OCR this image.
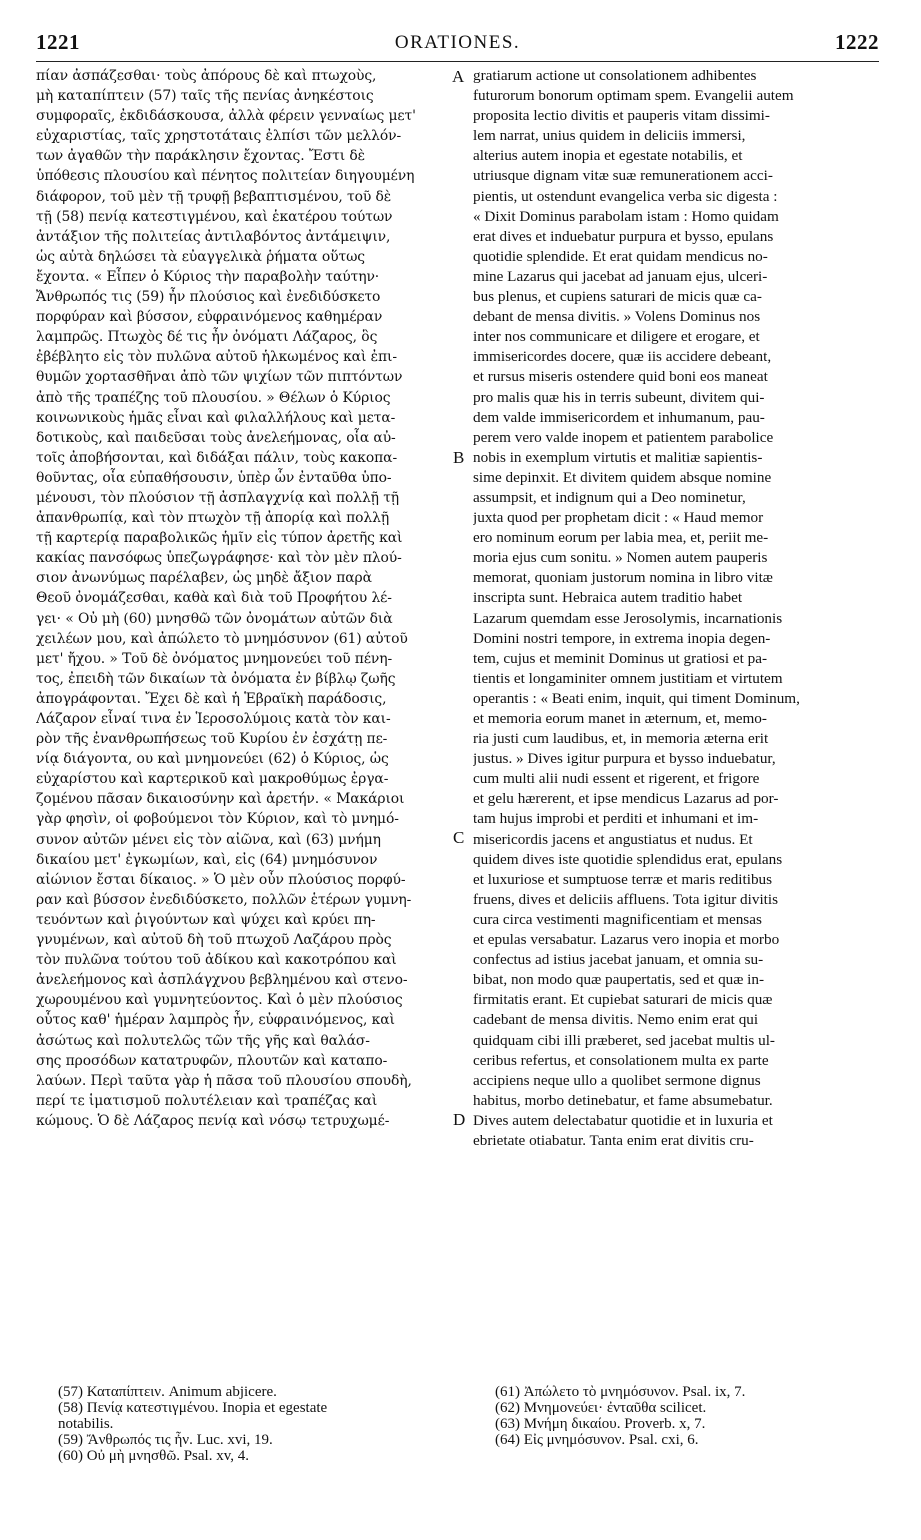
1221	ORATIONES.	1222
πίαν ἀσπάζεσθαι· τοὺς ἀπόρους δὲ καὶ πτωχοὺς,
μὴ καταπίπτειν (57) ταῖς τῆς πενίας ἀνηκέστοις
συμφοραῖς, ἐκδιδάσκουσα, ἀλλὰ φέρειν γενναίως μετ'
εὐχαριστίας, ταῖς χρηστοτάταις ἐλπίσι τῶν μελλόν-
των ἀγαθῶν τὴν παράκλησιν ἔχοντας. Ἔστι δὲ
ὑπόθεσις πλουσίου καὶ πένητος πολιτείαν διηγουμένη
διάφορον, τοῦ μὲν τῇ τρυφῇ βεβαπτισμένου, τοῦ δὲ
τῇ (58) πενίᾳ κατεστιγμένου, καὶ ἑκατέρου τούτων
ἀντάξιον τῆς πολιτείας ἀντιλαβόντος ἀντάμειψιν,
ὡς αὐτὰ δηλώσει τὰ εὐαγγελικὰ ῥήματα οὕτως
ἔχοντα. « Εἶπεν ὁ Κύριος τὴν παραβολὴν ταύτην·
Ἄνθρωπός τις (59) ἦν πλούσιος καὶ ἐνεδιδύσκετο
πορφύραν καὶ βύσσον, εὐφραινόμενος καθημέραν
λαμπρῶς. Πτωχὸς δέ τις ἦν ὀνόματι Λάζαρος, ὃς
ἐβέβλητο εἰς τὸν πυλῶνα αὐτοῦ ἡλκωμένος καὶ ἐπι-
θυμῶν χορτασθῆναι ἀπὸ τῶν ψιχίων τῶν πιπτόντων
ἀπὸ τῆς τραπέζης τοῦ πλουσίου. » Θέλων ὁ Κύριος
κοινωνικοὺς ἡμᾶς εἶναι καὶ φιλαλλήλους καὶ μετα-
δοτικοὺς, καὶ παιδεῦσαι τοὺς ἀνελεήμονας, οἷα αὐ-
τοῖς ἀποβήσονται, καὶ διδάξαι πάλιν, τοὺς κακοπα-
θοῦντας, οἷα εὐπαθήσουσιν, ὑπὲρ ὧν ἐνταῦθα ὑπο-
μένουσι, τὸν πλούσιον τῇ ἀσπλαγχνίᾳ καὶ πολλῇ τῇ
ἀπανθρωπίᾳ, καὶ τὸν πτωχὸν τῇ ἀπορίᾳ καὶ πολλῇ
τῇ καρτερίᾳ παραβολικῶς ἡμῖν εἰς τύπον ἀρετῆς καὶ
κακίας πανσόφως ὑπεζωγράφησε· καὶ τὸν μὲν πλού-
σιον ἀνωνύμως παρέλαβεν, ὡς μηδὲ ἄξιον παρὰ
Θεοῦ ὀνομάζεσθαι, καθὰ καὶ διὰ τοῦ Προφήτου λέ-
γει· « Οὐ μὴ (60) μνησθῶ τῶν ὀνομάτων αὐτῶν διὰ
χειλέων μου, καὶ ἀπώλετο τὸ μνημόσυνον (61) αὐτοῦ
μετ' ἤχου. » Τοῦ δὲ ὀνόματος μνημονεύει τοῦ πένη-
τος, ἐπειδὴ τῶν δικαίων τὰ ὀνόματα ἐν βίβλῳ ζωῆς
ἀπογράφονται. Ἔχει δὲ καὶ ἡ Ἑβραϊκὴ παράδοσις,
Λάζαρον εἶναί τινα ἐν Ἱεροσολύμοις κατὰ τὸν και-
ρὸν τῆς ἐνανθρωπήσεως τοῦ Κυρίου ἐν ἐσχάτῃ πε-
νίᾳ διάγοντα, ου καὶ μνημονεύει (62) ὁ Κύριος, ὡς
εὐχαρίστου καὶ καρτερικοῦ καὶ μακροθύμως ἐργα-
ζομένου πᾶσαν δικαιοσύνην καὶ ἀρετήν. « Μακάριοι
γὰρ φησὶν, οἱ φοβούμενοι τὸν Κύριον, καὶ τὸ μνημό-
συνον αὐτῶν μένει εἰς τὸν αἰῶνα, καὶ (63) μνήμη
δικαίου μετ' ἐγκωμίων, καὶ, εἰς (64) μνημόσυνον
αἰώνιον ἔσται δίκαιος. » Ὁ μὲν οὖν πλούσιος πορφύ-
ραν καὶ βύσσον ἐνεδιδύσκετο, πολλῶν ἑτέρων γυμνη-
τευόντων καὶ ῥιγούντων καὶ ψύχει καὶ κρύει πη-
γνυμένων, καὶ αὐτοῦ δὴ τοῦ πτωχοῦ Λαζάρου πρὸς
τὸν πυλῶνα τούτου τοῦ ἀδίκου καὶ κακοτρόπου καὶ
ἀνελεήμονος καὶ ἀσπλάγχνου βεβλημένου καὶ στενο-
χωρουμένου καὶ γυμνητεύοντος. Καὶ ὁ μὲν πλούσιος
οὗτος καθ' ἡμέραν λαμπρὸς ἦν, εὐφραινόμενος, καὶ
ἀσώτως καὶ πολυτελῶς τῶν τῆς γῆς καὶ θαλάσ-
σης προσόδων κατατρυφῶν, πλουτῶν καὶ καταπο-
λαύων. Περὶ ταῦτα γὰρ ἡ πᾶσα τοῦ πλουσίου σπουδὴ,
περί τε ἱματισμοῦ πολυτέλειαν καὶ τραπέζας καὶ
κώμους. Ὁ δὲ Λάζαρος πενίᾳ καὶ νόσῳ τετρυχωμέ-
gratiarum actione ut consolationem adhibentes
futurorum bonorum optimam spem. Evangelii autem
proposita lectio divitis et pauperis vitam dissimi-
lem narrat, unius quidem in deliciis immersi,
alterius autem inopia et egestate notabilis, et
utriusque dignam vitæ suæ remunerationem acci-
pientis, ut ostendunt evangelica verba sic digesta :
« Dixit Dominus parabolam istam : Homo quidam
erat dives et induebatur purpura et bysso, epulans
quotidie splendide. Et erat quidam mendicus no-
mine Lazarus qui jacebat ad januam ejus, ulceri-
bus plenus, et cupiens saturari de micis quæ ca-
debant de mensa divitis. » Volens Dominus nos
inter nos communicare et diligere et erogare, et
immisericordes docere, quæ iis accidere debeant,
et rursus miseris ostendere quid boni eos maneat
pro malis quæ his in terris subeunt, divitem qui-
dem valde immisericordem et inhumanum, pau-
perem vero valde inopem et patientem parabolice
nobis in exemplum virtutis et malitiæ sapientis-
sime depinxit. Et divitem quidem absque nomine
assumpsit, et indignum qui a Deo nominetur,
juxta quod per prophetam dicit : « Haud memor
ero nominum eorum per labia mea, et, periit me-
moria ejus cum sonitu. » Nomen autem pauperis
memorat, quoniam justorum nomina in libro vitæ
inscripta sunt. Hebraica autem traditio habet
Lazarum quemdam esse Jerosolymis, incarnationis
Domini nostri tempore, in extrema inopia degen-
tem, cujus et meminit Dominus ut gratiosi et pa-
tientis et longaminiter omnem justitiam et virtutem
operantis : « Beati enim, inquit, qui timent Dominum,
et memoria eorum manet in æternum, et, memo-
ria justi cum laudibus, et, in memoria æterna erit
justus. » Dives igitur purpura et bysso induebatur,
cum multi alii nudi essent et rigerent, et frigore
et gelu hærerent, et ipse mendicus Lazarus ad por-
tam hujus improbi et perditi et inhumani et im-
misericordis jacens et angustiatus et nudus. Et
quidem dives iste quotidie splendidus erat, epulans
et luxuriose et sumptuose terræ et maris reditibus
fruens, dives et deliciis affluens. Tota igitur divitis
cura circa vestimenti magnificentiam et mensas
et epulas versabatur. Lazarus vero inopia et morbo
confectus ad istius jacebat januam, et omnia su-
bibat, non modo quæ paupertatis, sed et quæ in-
firmitatis erant. Et cupiebat saturari de micis quæ
cadebant de mensa divitis. Nemo enim erat qui
quidquam cibi illi præberet, sed jacebat multis ul-
ceribus refertus, et consolationem multa ex parte
accipiens neque ullo a quolibet sermone dignus
habitus, morbo detinebatur, et fame absumebatur.
Dives autem delectabatur quotidie et in luxuria et
ebrietate otiabatur. Tanta enim erat divitis cru-
A
B
C
D
(57) Καταπίπτειν. Animum abjicere.
(58) Πενίᾳ κατεστιγμένου. Inopia et egestate
notabilis.
(59) Ἄνθρωπός τις ἦν. Luc. xvi, 19.
(60) Οὐ μὴ μνησθῶ. Psal. xv, 4.
(61) Ἀπώλετο τὸ μνημόσυνον. Psal. ix, 7.
(62) Μνημονεύει· ἐνταῦθα scilicet.
(63) Μνήμη δικαίου. Proverb. x, 7.
(64) Εἰς μνημόσυνον. Psal. cxi, 6.
